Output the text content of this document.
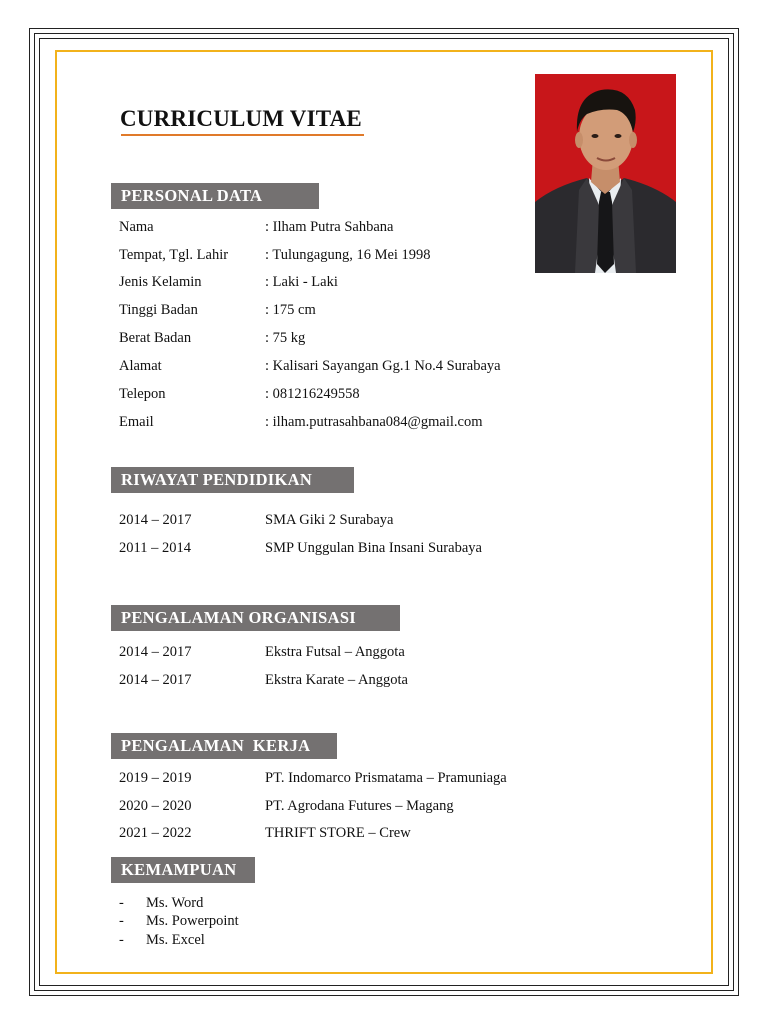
CURRICULUM VITAE
PERSONAL DATA
Nama	: Ilham Putra Sahbana
Tempat, Tgl. Lahir	: Tulungagung, 16 Mei 1998
Jenis Kelamin	: Laki - Laki
Tinggi Badan	: 175 cm
Berat Badan	: 75 kg
Alamat	: Kalisari Sayangan Gg.1 No.4 Surabaya
Telepon	: 081216249558
Email	: ilham.putrasahbana084@gmail.com
RIWAYAT PENDIDIKAN
2014 – 2017	SMA Giki 2 Surabaya
2011 – 2014	SMP Unggulan Bina Insani Surabaya
PENGALAMAN ORGANISASI
2014 – 2017	Ekstra Futsal – Anggota
2014 – 2017	Ekstra Karate – Anggota
PENGALAMAN  KERJA
2019 – 2019	PT. Indomarco Prismatama – Pramuniaga
2020 – 2020	PT. Agrodana Futures – Magang
2021 – 2022	THRIFT STORE – Crew
KEMAMPUAN
- Ms. Word
- Ms. Powerpoint
- Ms. Excel
